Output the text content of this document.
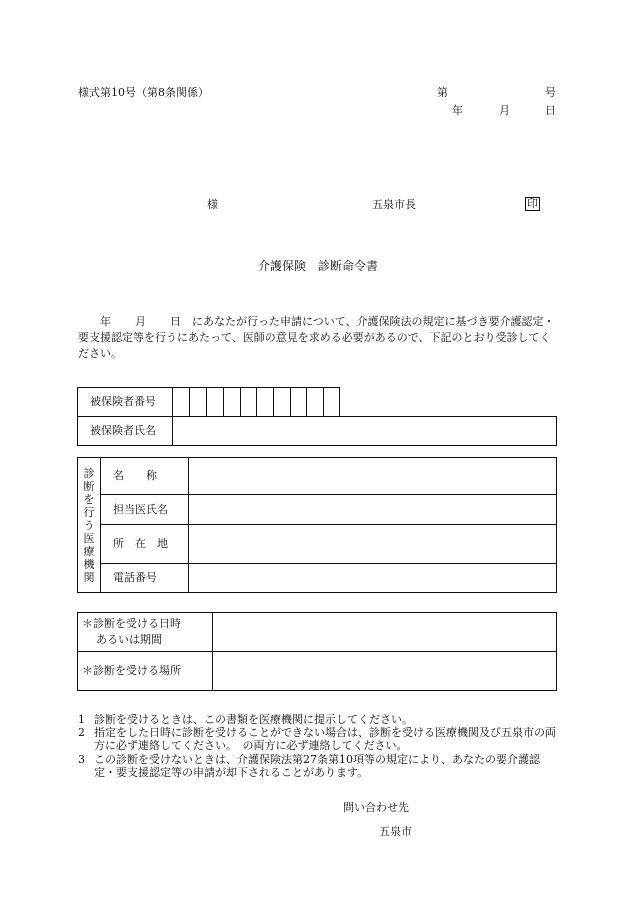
様式第10号（第8条関係）	第	号
年	月	日
様	五泉市長	印
介護保険　診断命令書
年 月 日 にあなたが行った申請について、介護保険法の規定に基づき要介護認定・要支援認定等を行うにあたって、医師の意見を求める必要があるので、下記のとおり受診してください。
被保険者番号
被保険者氏名
診断を行う医療機関
名　　称
担当医氏名
所　在　地
電話番号
＊診断を受ける日時
あるいは期間
＊診断を受ける場所
1 診断を受けるときは、この書類を医療機関に提示してください。
2 指定をした日時に診断を受けることができない場合は、診断を受ける医療機関及び五泉市の両方に必ず連絡してください。　の両方に必ず連絡してください。
3 この診断を受けないときは、介護保険法第27条第10項等の規定により、あなたの要介護認定・要支援認定等の申請が却下されることがあります。
問い合わせ先
五泉市
